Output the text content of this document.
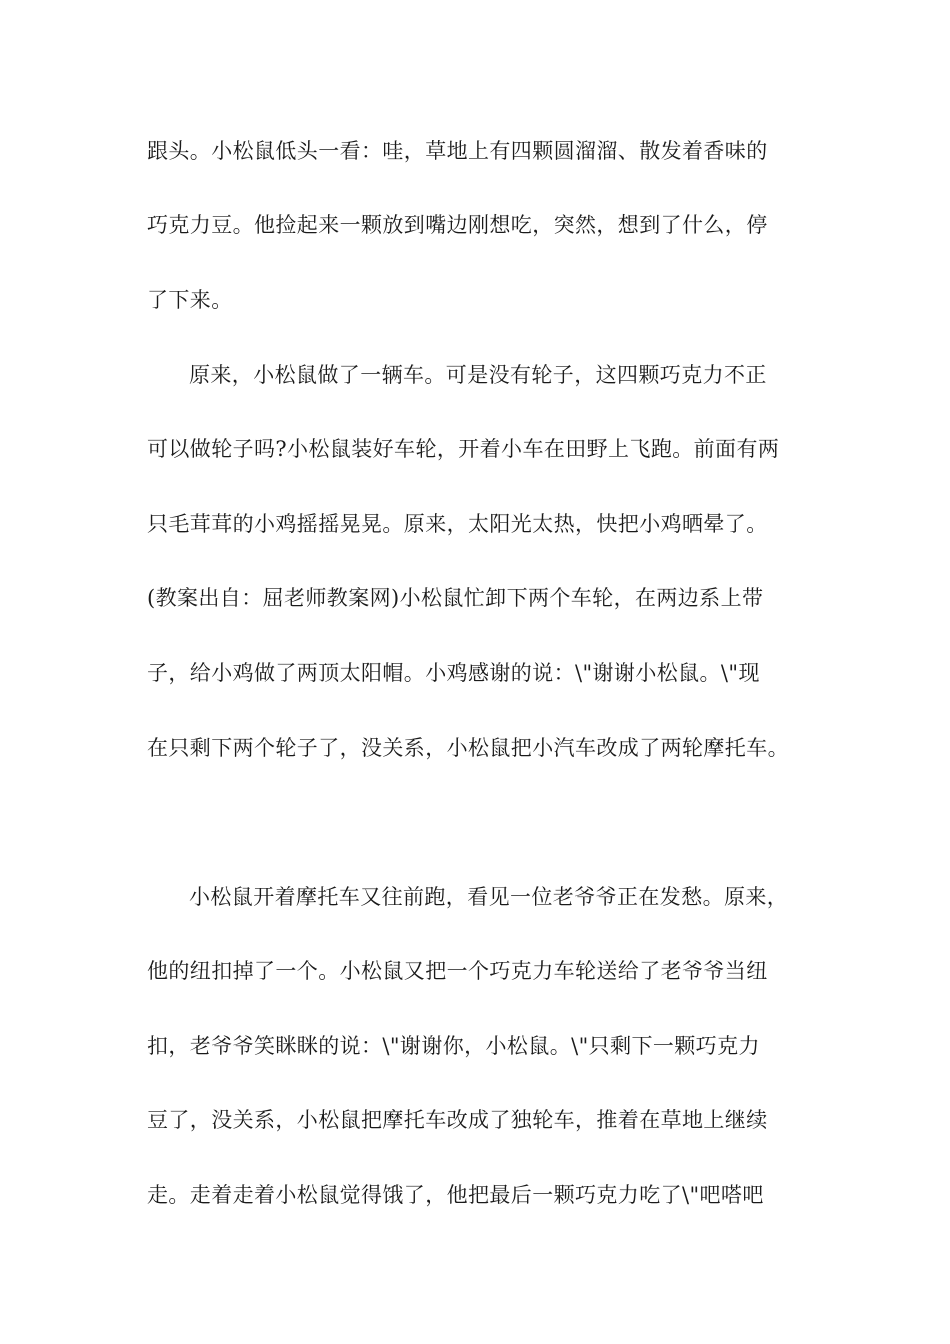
跟头。小松鼠低头一看：哇，草地上有四颗圆溜溜、散发着香味的
巧克力豆。他捡起来一颗放到嘴边刚想吃，突然，想到了什么，停
了下来。
原来，小松鼠做了一辆车。可是没有轮子，这四颗巧克力不正
可以做轮子吗?小松鼠装好车轮，开着小车在田野上飞跑。前面有两
只毛茸茸的小鸡摇摇晃晃。原来，太阳光太热，快把小鸡晒晕了。
(教案出自：屈老师教案网)小松鼠忙卸下两个车轮，在两边系上带
子，给小鸡做了两顶太阳帽。小鸡感谢的说：\"谢谢小松鼠。\"现
在只剩下两个轮子了，没关系，小松鼠把小汽车改成了两轮摩托车。
小松鼠开着摩托车又往前跑，看见一位老爷爷正在发愁。原来，
他的纽扣掉了一个。小松鼠又把一个巧克力车轮送给了老爷爷当纽
扣，老爷爷笑眯眯的说：\"谢谢你，小松鼠。\"只剩下一颗巧克力
豆了，没关系，小松鼠把摩托车改成了独轮车，推着在草地上继续
走。走着走着小松鼠觉得饿了，他把最后一颗巧克力吃了\"吧嗒吧
